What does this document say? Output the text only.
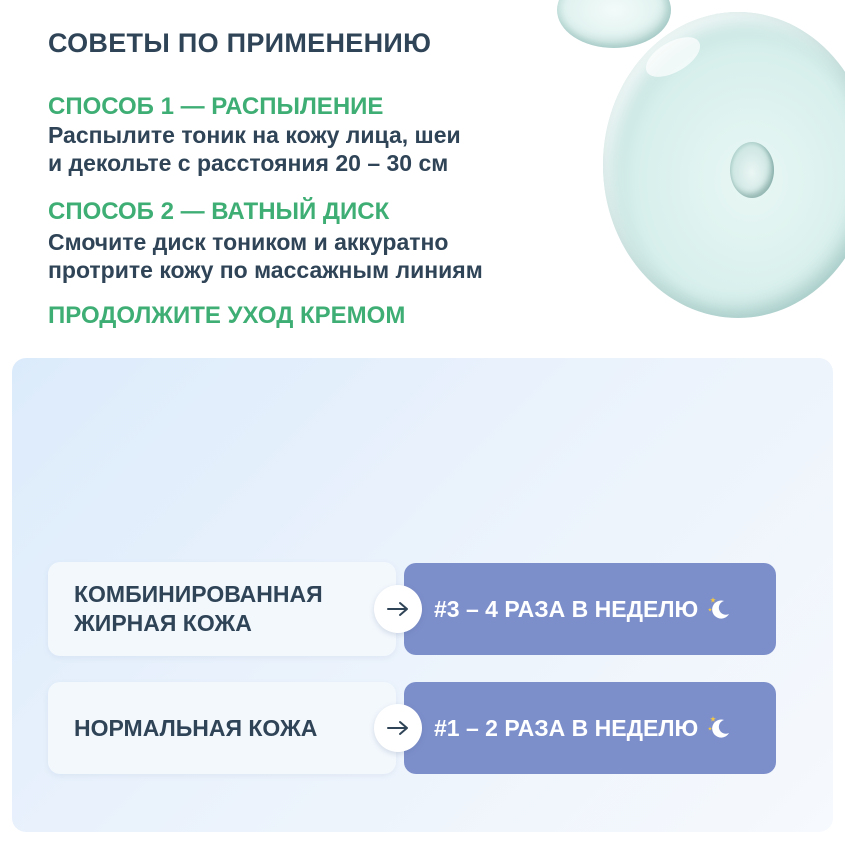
СОВЕТЫ ПО ПРИМЕНЕНИЮ
СПОСОБ 1 — РАСПЫЛЕНИЕ
Распылите тоник на кожу лица, шеи
и декольте с расстояния 20 – 30 см
СПОСОБ 2 — ВАТНЫЙ ДИСК
Смочите диск тоником и аккуратно
протрите кожу по массажным линиям
ПРОДОЛЖИТЕ УХОД КРЕМОМ
КОМБИНИРОВАННАЯ
ЖИРНАЯ КОЖА
#3 – 4 РАЗА В НЕДЕЛЮ
НОРМАЛЬНАЯ КОЖА	#1 – 2 РАЗА В НЕДЕЛЮ
